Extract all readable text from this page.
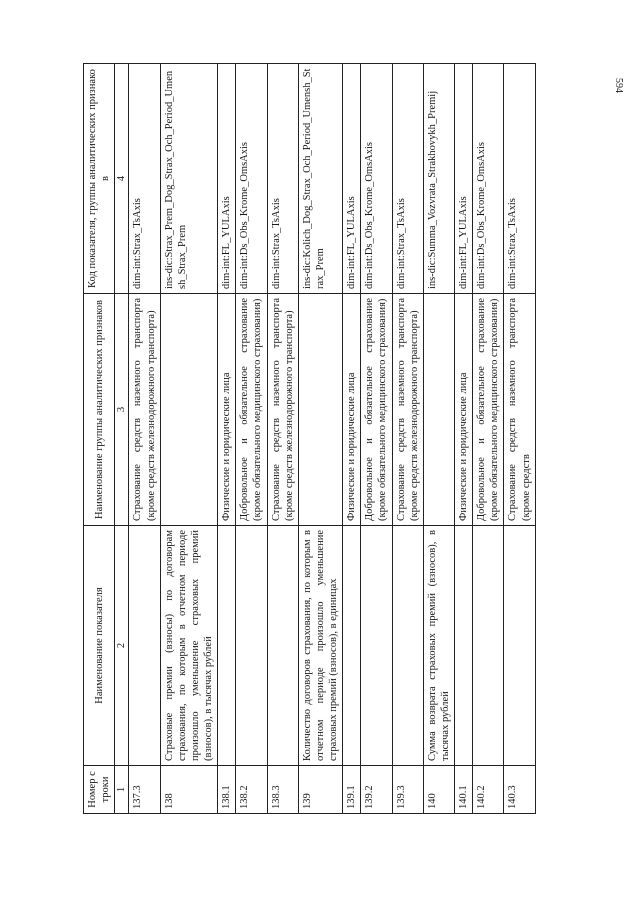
594
Номер строки	Наименование показателя	Наименование группы аналитических признаков	Код показателя, группы аналитических признаков
1	2	3	4
137.3		Страхование средств наземного транспорта (кроме средств железнодорожного транспорта)	dim-int:Strax_TsAxis
138	Страховые премии (взносы) по договорам страхования, по которым в отчетном периоде произошло уменьшение страховых премий (взносов), в тысячах рублей		ins-dic:Strax_Prem_Dog_Strax_Och_Period_Umensh_Strax_Prem
138.1		Физические и юридические лица	dim-int:FL_YULAxis
138.2		Добровольное и обязательное страхование (кроме обязательного медицинского страхования)	dim-int:Ds_Obs_Krome_OmsAxis
138.3		Страхование средств наземного транспорта (кроме средств железнодорожного транспорта)	dim-int:Strax_TsAxis
139	Количество договоров страхования, по которым в отчетном периоде произошло уменьшение страховых премий (взносов), в единицах		ins-dic:Kolich_Dog_Strax_Och_Period_Umensh_Strax_Prem
139.1		Физические и юридические лица	dim-int:FL_YULAxis
139.2		Добровольное и обязательное страхование (кроме обязательного медицинского страхования)	dim-int:Ds_Obs_Krome_OmsAxis
139.3		Страхование средств наземного транспорта (кроме средств железнодорожного транспорта)	dim-int:Strax_TsAxis
140	Сумма возврата страховых премий (взносов), в тысячах рублей		ins-dic:Summa_Vozvrata_Strakhovykh_Premij
140.1		Физические и юридические лица	dim-int:FL_YULAxis
140.2		Добровольное и обязательное страхование (кроме обязательного медицинского страхования)	dim-int:Ds_Obs_Krome_OmsAxis
140.3		Страхование средств наземного транспорта (кроме средств	dim-int:Strax_TsAxis
